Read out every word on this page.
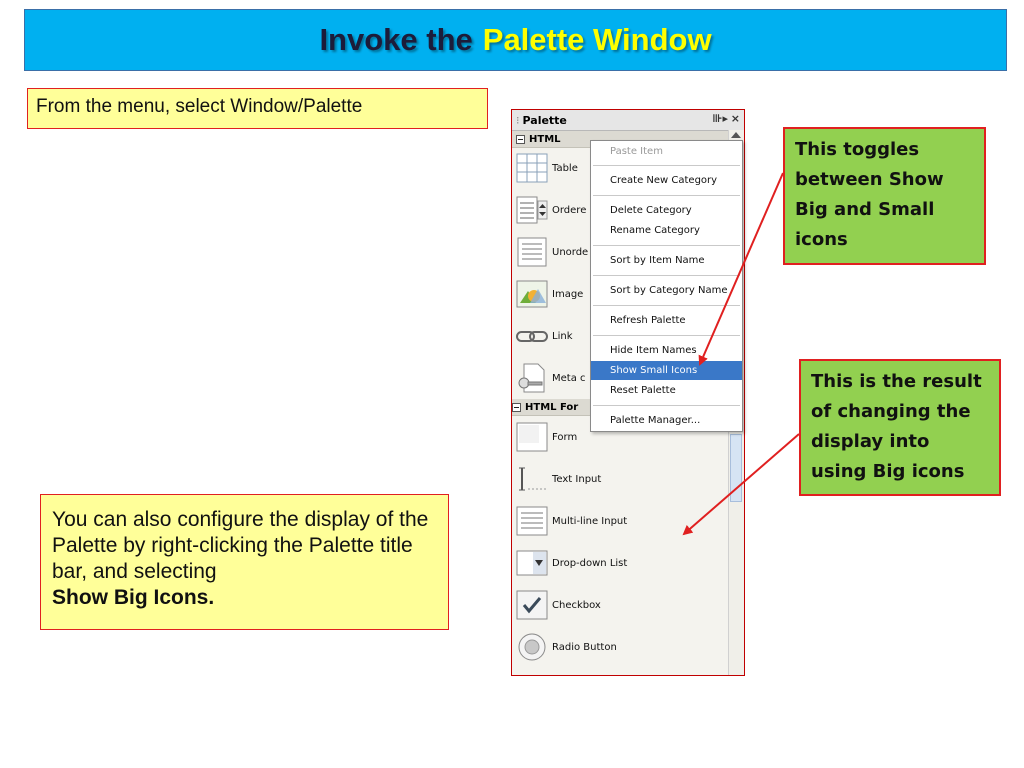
Invoke the Palette Window
From the menu, select Window/Palette
You can also configure the display of the Palette by right-clicking the Palette title bar, and selecting
Show Big Icons.
This toggles between Show Big and Small icons
This is the result of changing the display into using Big icons
⁝ Palette	⊪▸ ×
HTML
Table
Ordere
Unorde
Image
Link
Meta c
HTML For
Form
Text Input
Multi-line Input
Drop-down List
Checkbox
Radio Button
Paste Item
Create New Category
Delete Category
Rename Category
Sort by Item Name
Sort by Category Name
Refresh Palette
Hide Item Names
Show Small Icons
Reset Palette
Palette Manager...
